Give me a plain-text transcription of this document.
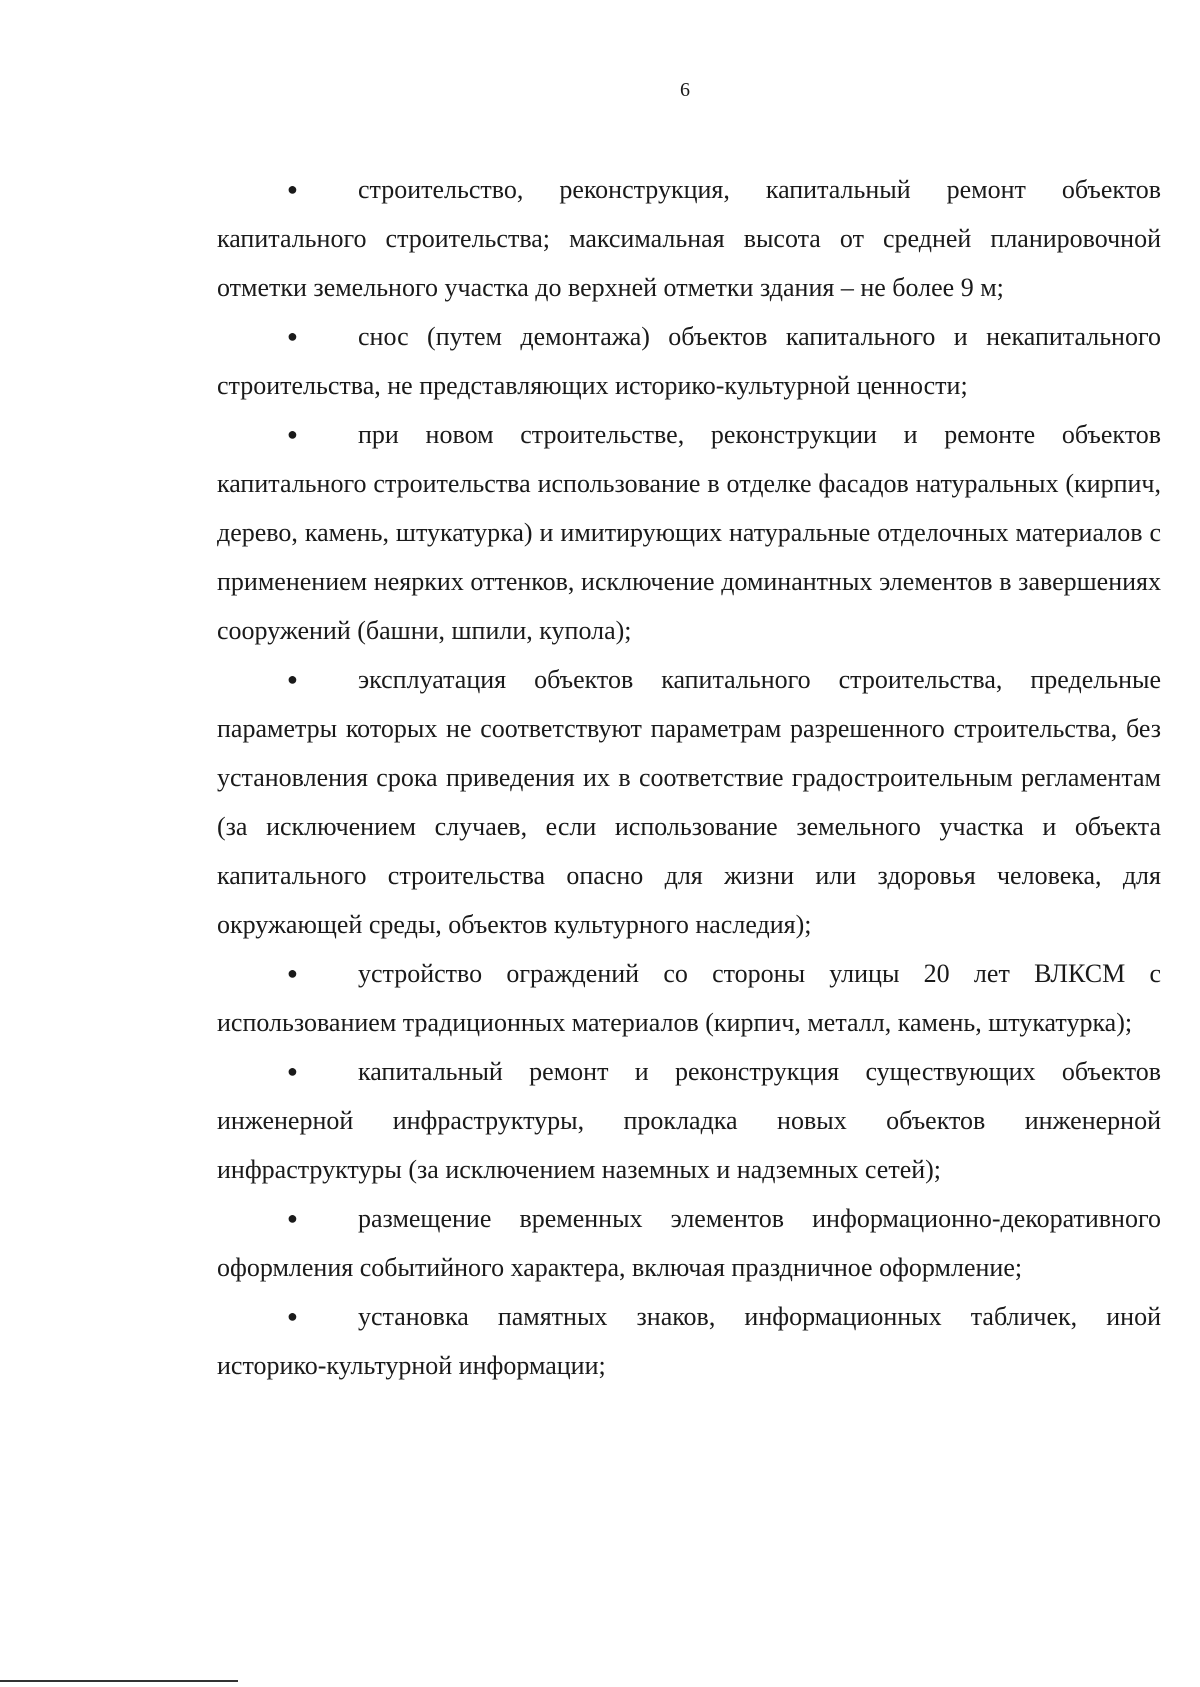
6

● строительство, реконструкция, капитальный ремонт объектов капитального строительства; максимальная высота от средней планировочной отметки земельного участка до верхней отметки здания – не более 9 м;

● снос (путем демонтажа) объектов капитального и некапитального строительства, не представляющих историко-культурной ценности;

● при новом строительстве, реконструкции и ремонте объектов капитального строительства использование в отделке фасадов натуральных (кирпич, дерево, камень, штукатурка) и имитирующих натуральные отделочных материалов с применением неярких оттенков, исключение доминантных элементов в завершениях сооружений (башни, шпили, купола);

● эксплуатация объектов капитального строительства, предельные параметры которых не соответствуют параметрам разрешенного строительства, без установления срока приведения их в соответствие градостроительным регламентам (за исключением случаев, если использование земельного участка и объекта капитального строительства опасно для жизни или здоровья человека, для окружающей среды, объектов культурного наследия);

● устройство ограждений со стороны улицы 20 лет ВЛКСМ с использованием традиционных материалов (кирпич, металл, камень, штукатурка);

● капитальный ремонт и реконструкция существующих объектов инженерной инфраструктуры, прокладка новых объектов инженерной инфраструктуры (за исключением наземных и надземных сетей);

● размещение временных элементов информационно-декоративного оформления событийного характера, включая праздничное оформление;

● установка памятных знаков, информационных табличек, иной историко-культурной информации;
